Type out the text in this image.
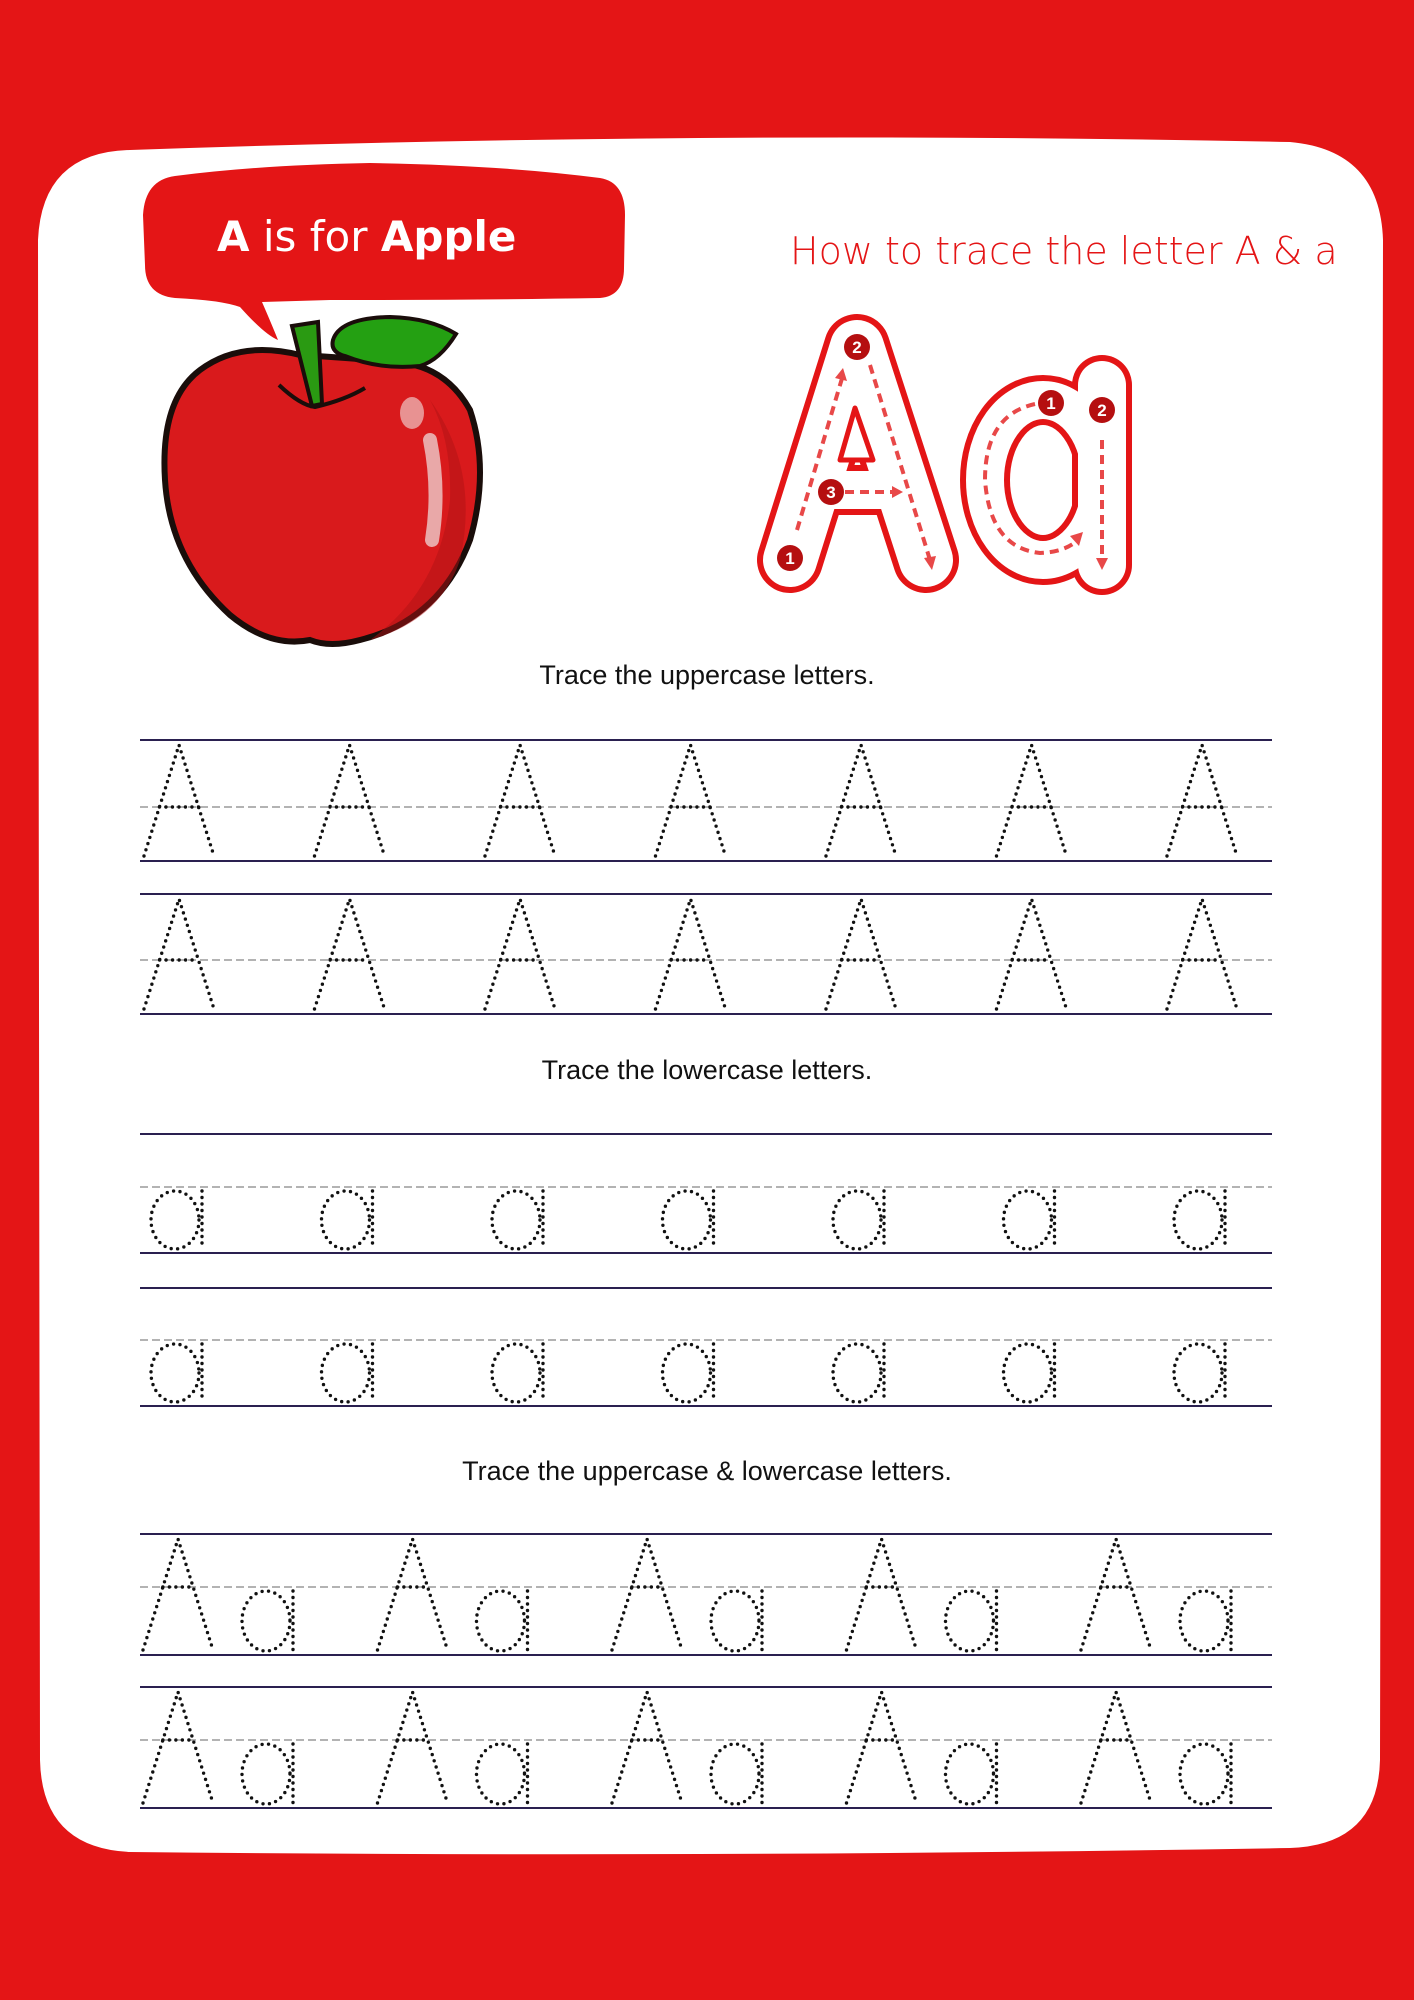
A is for Apple	How to trace the letter A & a
1
2
3
1 2
Trace the uppercase letters.
Trace the lowercase letters.
Trace the uppercase & lowercase letters.
